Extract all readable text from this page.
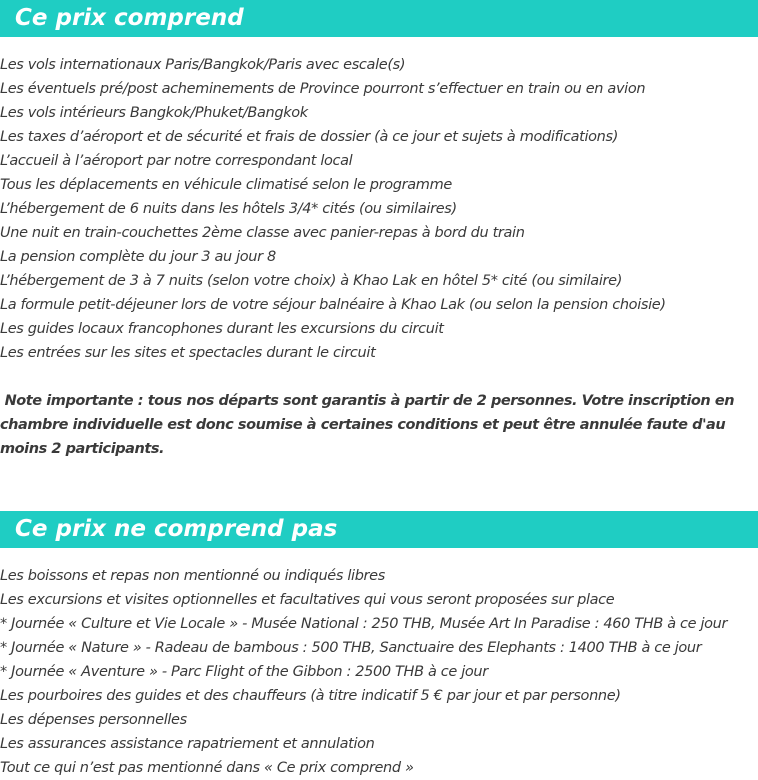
Ce prix comprend
Les vols internationaux Paris/Bangkok/Paris avec escale(s)
Les éventuels pré/post acheminements de Province pourront s’effectuer en train ou en avion
Les vols intérieurs Bangkok/Phuket/Bangkok
Les taxes d’aéroport et de sécurité et frais de dossier (à ce jour et sujets à modifications)
L’accueil à l’aéroport par notre correspondant local
Tous les déplacements en véhicule climatisé selon le programme
L’hébergement de 6 nuits dans les hôtels 3/4* cités (ou similaires)
Une nuit en train-couchettes 2ème classe avec panier-repas à bord du train
La pension complète du jour 3 au jour 8
L’hébergement de 3 à 7 nuits (selon votre choix) à Khao Lak en hôtel 5* cité (ou similaire)
La formule petit-déjeuner lors de votre séjour balnéaire à Khao Lak (ou selon la pension choisie)
Les guides locaux francophones durant les excursions du circuit
Les entrées sur les sites et spectacles durant le circuit

Note importante : tous nos départs sont garantis à partir de 2 personnes. Votre inscription en chambre individuelle est donc soumise à certaines conditions et peut être annulée faute d'au moins 2 participants.

Ce prix ne comprend pas
Les boissons et repas non mentionné ou indiqués libres
Les excursions et visites optionnelles et facultatives qui vous seront proposées sur place
* Journée « Culture et Vie Locale » - Musée National : 250 THB, Musée Art In Paradise : 460 THB à ce jour
* Journée « Nature » - Radeau de bambous : 500 THB, Sanctuaire des Elephants : 1400 THB à ce jour
* Journée « Aventure » - Parc Flight of the Gibbon : 2500 THB à ce jour
Les pourboires des guides et des chauffeurs (à titre indicatif 5 € par jour et par personne)
Les dépenses personnelles
Les assurances assistance rapatriement et annulation
Tout ce qui n’est pas mentionné dans « Ce prix comprend »
